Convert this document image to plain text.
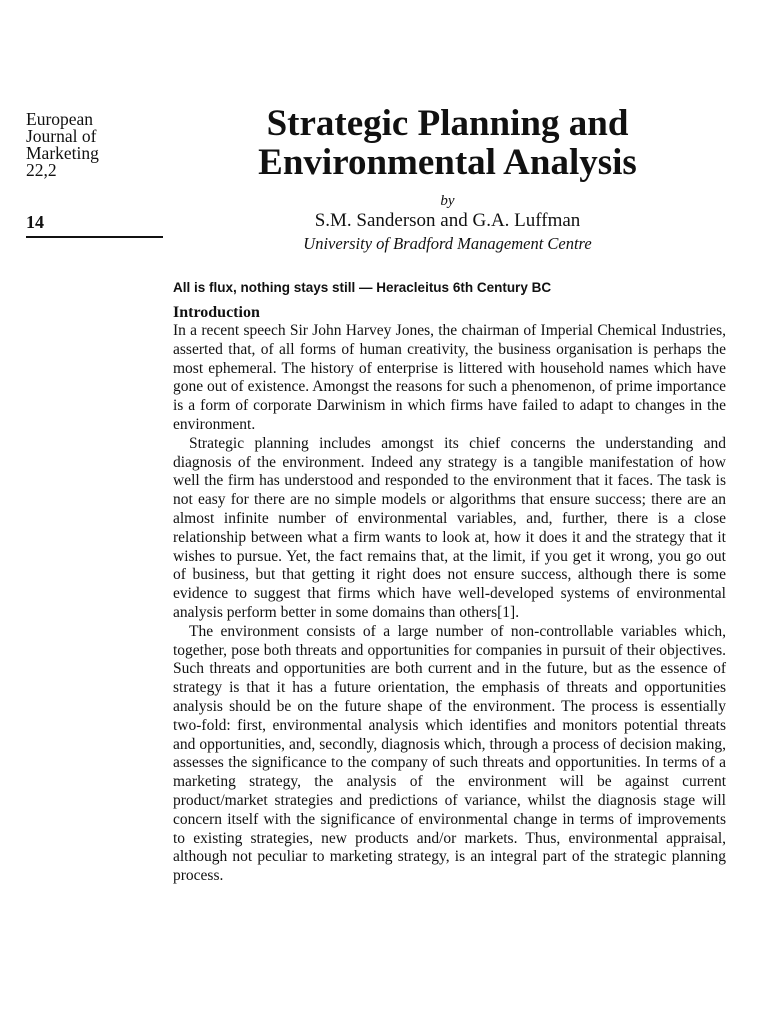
European
Journal of
Marketing
22,2
14
Strategic Planning and
Environmental Analysis
by
S.M. Sanderson and G.A. Luffman
University of Bradford Management Centre
All is flux, nothing stays still — Heracleitus 6th Century BC
Introduction

In a recent speech Sir John Harvey Jones, the chairman of Imperial Chemical Industries, asserted that, of all forms of human creativity, the business organisation is perhaps the most ephemeral. The history of enterprise is littered with household names which have gone out of existence. Amongst the reasons for such a phenomenon, of prime importance is a form of corporate Darwinism in which firms have failed to adapt to changes in the environment.

Strategic planning includes amongst its chief concerns the understanding and diagnosis of the environment. Indeed any strategy is a tangible manifestation of how well the firm has understood and responded to the environment that it faces. The task is not easy for there are no simple models or algorithms that ensure success; there are an almost infinite number of environmental variables, and, further, there is a close relationship between what a firm wants to look at, how it does it and the strategy that it wishes to pursue. Yet, the fact remains that, at the limit, if you get it wrong, you go out of business, but that getting it right does not ensure success, although there is some evidence to suggest that firms which have well-developed systems of environmental analysis perform better in some domains than others[1].

The environment consists of a large number of non-controllable variables which, together, pose both threats and opportunities for companies in pursuit of their objectives. Such threats and opportunities are both current and in the future, but as the essence of strategy is that it has a future orientation, the emphasis of threats and opportunities analysis should be on the future shape of the environment. The process is essentially two-fold: first, environmental analysis which identifies and monitors potential threats and opportunities, and, secondly, diagnosis which, through a process of decision making, assesses the significance to the company of such threats and opportunities. In terms of a marketing strategy, the analysis of the environment will be against current product/market strategies and predictions of variance, whilst the diagnosis stage will concern itself with the significance of environmental change in terms of improvements to existing strategies, new products and/or markets. Thus, environmental appraisal, although not peculiar to marketing strategy, is an integral part of the strategic planning process.
